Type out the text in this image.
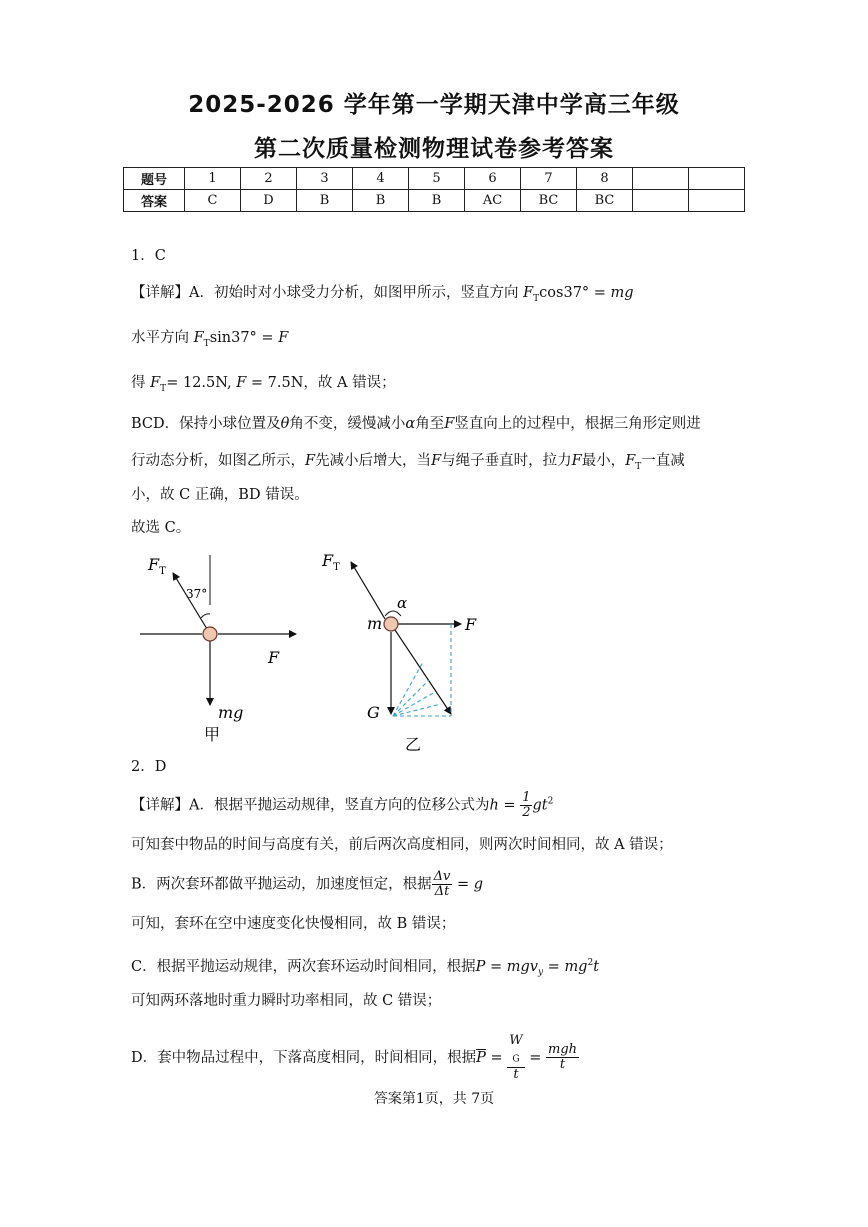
2025-2026 学年第一学期天津中学高三年级
第二次质量检测物理试卷参考答案
题号	1	2	3	4	5	6	7	8		
答案	C	D	B	B	B	AC	BC	BC		
1．C
【详解】A．初始时对小球受力分析，如图甲所示，竖直方向 $F_T\cos 37^\circ$ = mg
水平方向 $F_T\sin 37^\circ = F$
得 $F_T= 12.5N$, F = 7.5N，故 A 错误；
BCD．保持小球位置及θ角不变，缓慢减小α角至F竖直向上的过程中，根据三角形定则进
行动态分析，如图乙所示，F先减小后增大，当F与绳子垂直时，拉力F最小，$F_T$一直减
小，故 C 正确，BD 错误。
故选 C。
$F_T$
37°
F
mg
甲
$F_T$
α
m	F
G
乙
2．D
【详解】A．根据平抛运动规律，竖直方向的位移公式为$h = \frac{1}{2} gt^2$
可知套中物品的时间与高度有关，前后两次高度相同，则两次时间相同，故 A 错误；
B．两次套环都做平抛运动，加速度恒定，根据 $\frac{\Delta v}{\Delta t} = g$
可知，套环在空中速度变化快慢相同，故 B 错误；
C．根据平抛运动规律，两次套环运动时间相同，根据$P = mgv_y = mg^2t$
可知两环落地时重力瞬时功率相同，故 C 错误；
D．套中物品过程中，下落高度相同，时间相同，根据$\overline{P} = W$
$_G$
$t = \frac{\text{mgh}}{t}$
答案第1页，共 7页
